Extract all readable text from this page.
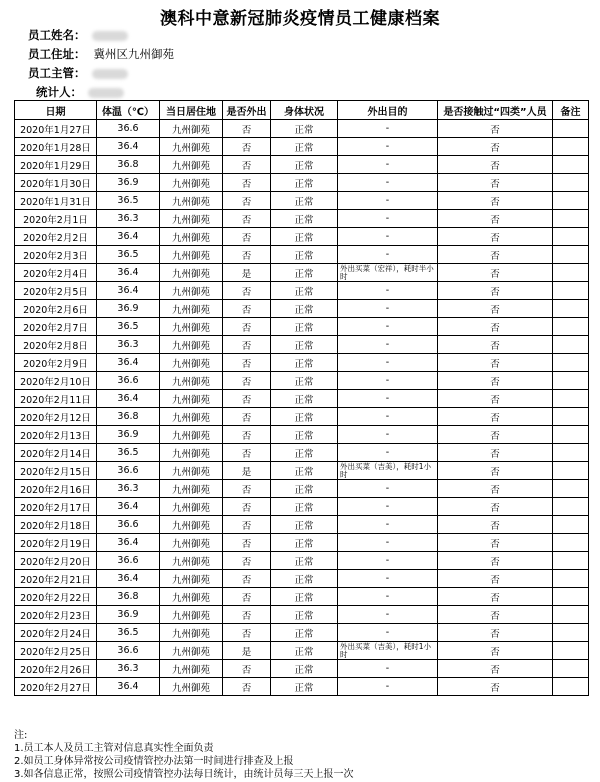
澳科中意新冠肺炎疫情员工健康档案
员工姓名：
员工住址： 冀州区九州御苑
员工主管：
统计人：
日期	体温（℃）	当日居住地	是否外出	身体状况	外出目的	是否接触过“四类”人员	备注
2020年1月27日	36.6	九州御苑	否	正常	-	否	
2020年1月28日	36.4	九州御苑	否	正常	-	否	
2020年1月29日	36.8	九州御苑	否	正常	-	否	
2020年1月30日	36.9	九州御苑	否	正常	-	否	
2020年1月31日	36.5	九州御苑	否	正常	-	否	
2020年2月1日	36.3	九州御苑	否	正常	-	否	
2020年2月2日	36.4	九州御苑	否	正常	-	否	
2020年2月3日	36.5	九州御苑	否	正常	-	否	
2020年2月4日	36.4	九州御苑	是	正常	外出买菜（宏祥），耗时半小时	否	
2020年2月5日	36.4	九州御苑	否	正常	-	否	
2020年2月6日	36.9	九州御苑	否	正常	-	否	
2020年2月7日	36.5	九州御苑	否	正常	-	否	
2020年2月8日	36.3	九州御苑	否	正常	-	否	
2020年2月9日	36.4	九州御苑	否	正常	-	否	
2020年2月10日	36.6	九州御苑	否	正常	-	否	
2020年2月11日	36.4	九州御苑	否	正常	-	否	
2020年2月12日	36.8	九州御苑	否	正常	-	否	
2020年2月13日	36.9	九州御苑	否	正常	-	否	
2020年2月14日	36.5	九州御苑	否	正常	-	否	
2020年2月15日	36.6	九州御苑	是	正常	外出买菜（吉美），耗时1小时	否	
2020年2月16日	36.3	九州御苑	否	正常	-	否	
2020年2月17日	36.4	九州御苑	否	正常	-	否	
2020年2月18日	36.6	九州御苑	否	正常	-	否	
2020年2月19日	36.4	九州御苑	否	正常	-	否	
2020年2月20日	36.6	九州御苑	否	正常	-	否	
2020年2月21日	36.4	九州御苑	否	正常	-	否	
2020年2月22日	36.8	九州御苑	否	正常	-	否	
2020年2月23日	36.9	九州御苑	否	正常	-	否	
2020年2月24日	36.5	九州御苑	否	正常	-	否	
2020年2月25日	36.6	九州御苑	是	正常	外出买菜（吉美），耗时1小时	否	
2020年2月26日	36.3	九州御苑	否	正常	-	否	
2020年2月27日	36.4	九州御苑	否	正常	-	否	
注:
1.员工本人及员工主管对信息真实性全面负责
2.如员工身体异常按公司疫情管控办法第一时间进行排查及上报
3.如各信息正常，按照公司疫情管控办法每日统计，由统计员每三天上报一次
